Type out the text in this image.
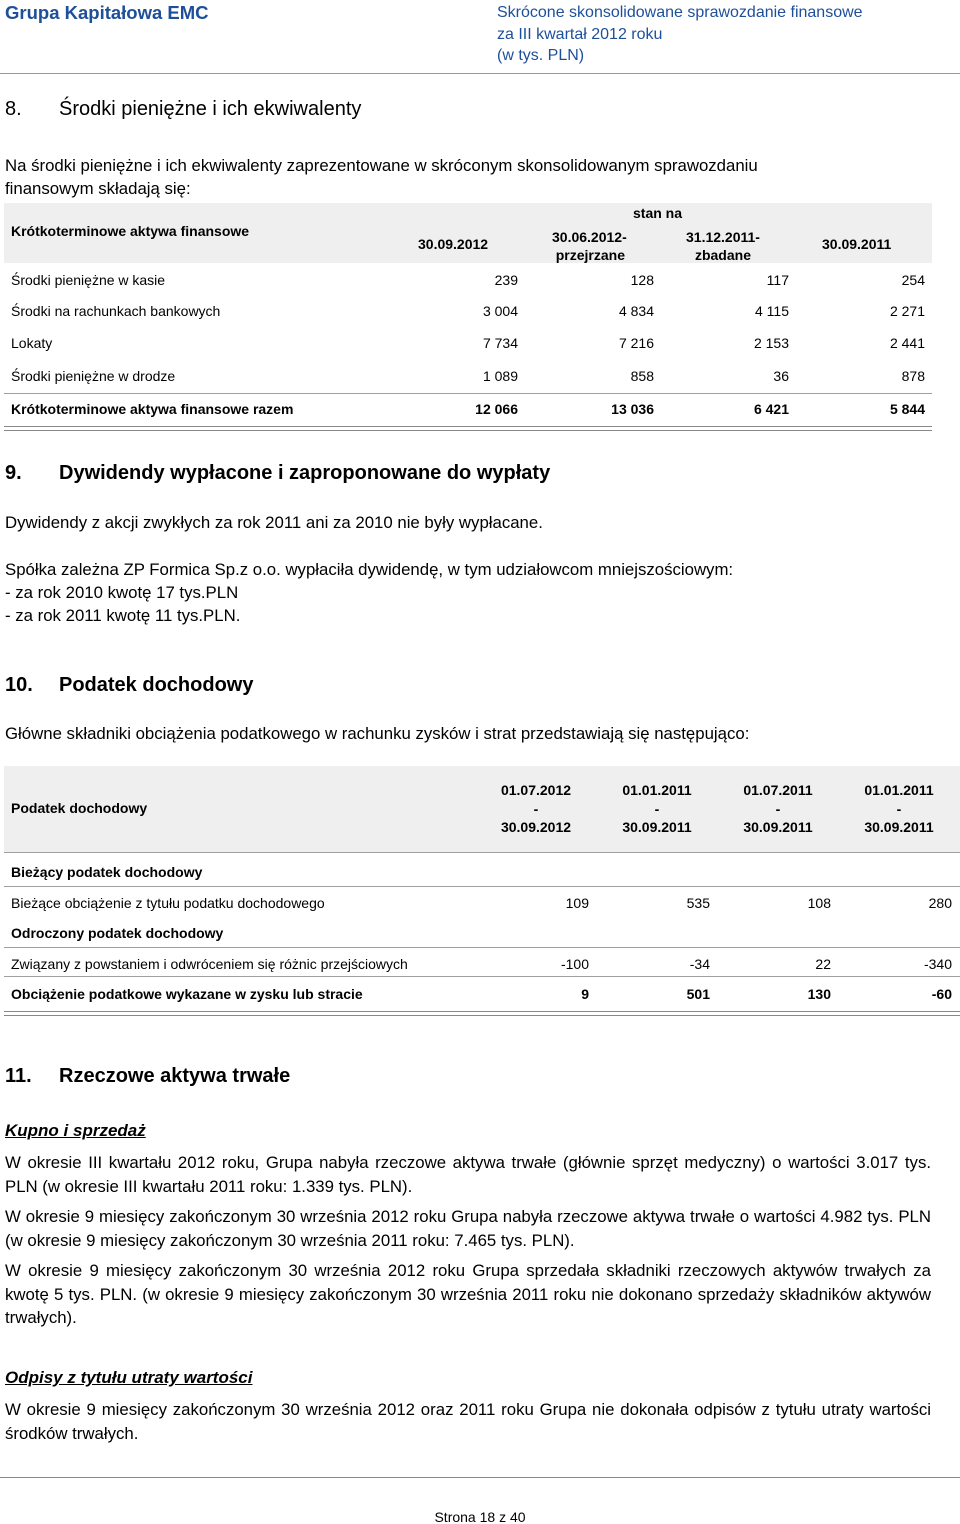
Grupa Kapitałowa EMC	Skrócone skonsolidowane sprawozdanie finansowe
za III kwartał 2012 roku
(w tys. PLN)
8. Środki pieniężne i ich ekwiwalenty
Na środki pieniężne i ich ekwiwalenty zaprezentowane w skróconym skonsolidowanym sprawozdaniu
finansowym składają się:
Krótkoterminowe aktywa finansowe
stan na
30.09.2012	30.06.2012-
przejrzane
31.12.2011-
zbadane
30.09.2011
Środki pieniężne w kasie	239	128	117	254
Środki na rachunkach bankowych	3 004	4 834	4 115	2 271
Lokaty	7 734	7 216	2 153	2 441
Środki pieniężne w drodze	1 089	858	36	878
Krótkoterminowe aktywa finansowe razem	12 066	13 036	6 421	5 844
9. Dywidendy wypłacone i zaproponowane do wypłaty
Dywidendy z akcji zwykłych za rok 2011 ani za 2010 nie były wypłacane.
Spółka zależna ZP Formica Sp.z o.o. wypłaciła dywidendę, w tym udziałowcom mniejszościowym:
- za rok 2010 kwotę 17 tys.PLN
- za rok 2011 kwotę 11 tys.PLN.
10. Podatek dochodowy
Główne składniki obciążenia podatkowego w rachunku zysków i strat przedstawiają się następująco:
Podatek dochodowy
01.07.2012
-
30.09.2012
01.01.2011
-
30.09.2011
01.07.2011
-
30.09.2011
01.01.2011
-
30.09.2011
Bieżący podatek dochodowy
Bieżące obciążenie z tytułu podatku dochodowego	109	535	108	280
Odroczony podatek dochodowy
Związany z powstaniem i odwróceniem się różnic przejściowych	-100	-34	22	-340
Obciążenie podatkowe wykazane w zysku lub stracie	9	501	130	-60
11. Rzeczowe aktywa trwałe
Kupno i sprzedaż
W okresie III kwartału 2012 roku, Grupa nabyła rzeczowe aktywa trwałe (głównie sprzęt medyczny) o wartości 3.017 tys. PLN (w okresie III kwartału 2011 roku: 1.339 tys. PLN).
W okresie 9 miesięcy zakończonym 30 września 2012 roku Grupa nabyła rzeczowe aktywa trwałe o wartości 4.982 tys. PLN (w okresie 9 miesięcy zakończonym 30 września 2011 roku: 7.465 tys. PLN).
W okresie 9 miesięcy zakończonym 30 września 2012 roku Grupa sprzedała składniki rzeczowych aktywów trwałych za kwotę 5 tys. PLN. (w okresie 9 miesięcy zakończonym 30 września 2011 roku nie dokonano sprzedaży składników aktywów trwałych).
Odpisy z tytułu utraty wartości
W okresie 9 miesięcy zakończonym 30 września 2012 oraz 2011 roku Grupa nie dokonała odpisów z tytułu utraty wartości środków trwałych.
Strona 18 z 40
